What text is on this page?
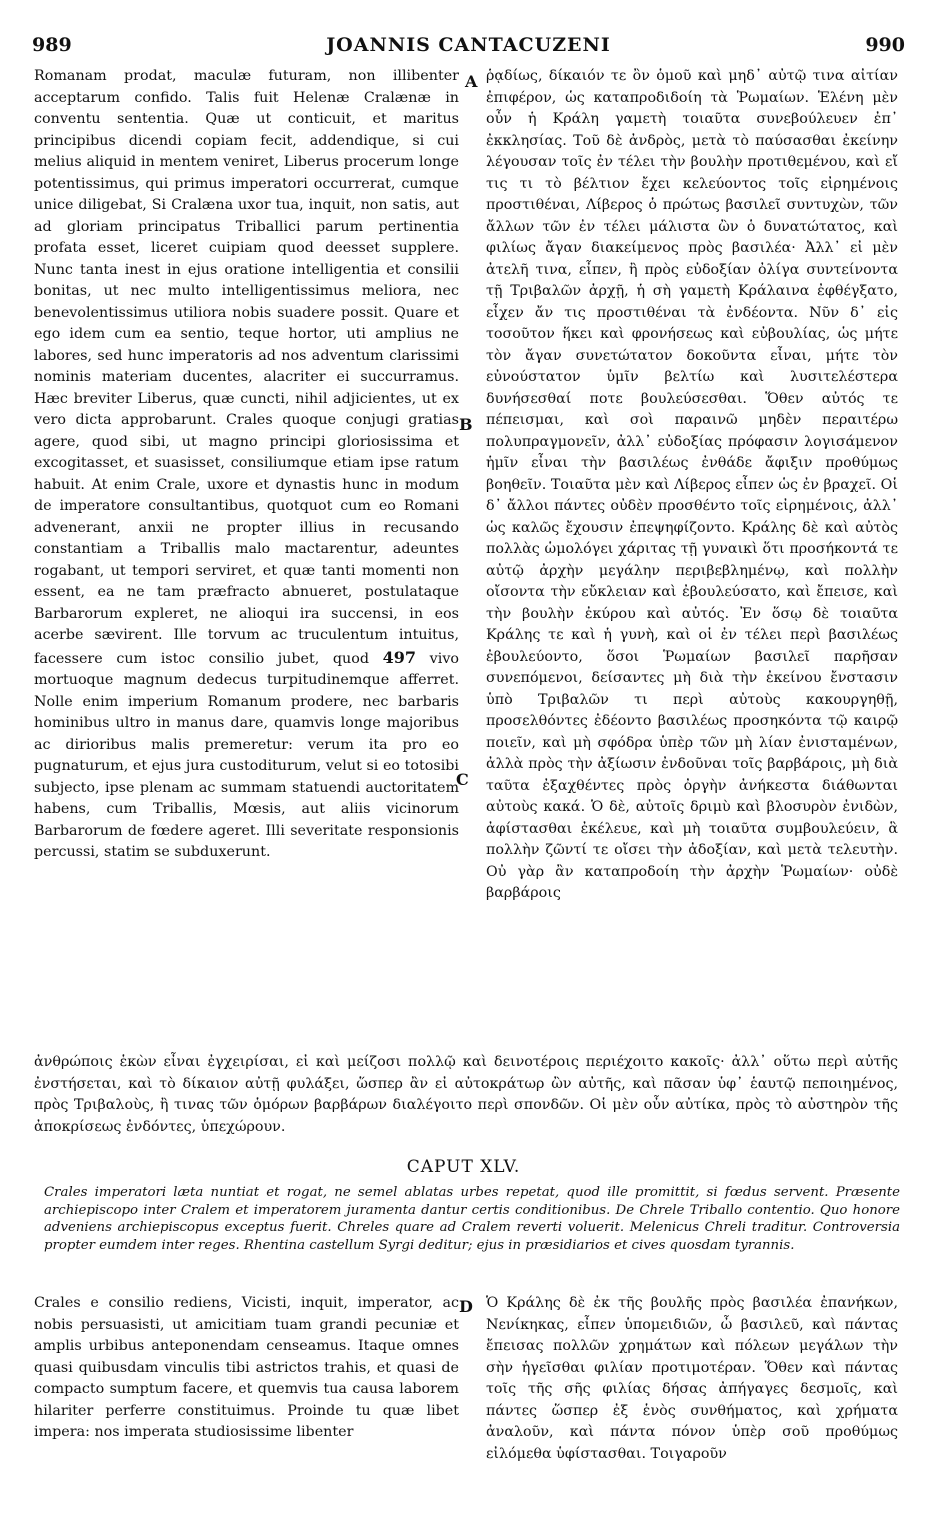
989	JOANNIS CANTACUZENI	990

Romanam prodat, maculæ futuram, non illibenter acceptarum confido. Talis fuit Helenæ Cralænæ in conventu sententia. Quæ ut conticuit, et maritus principibus dicendi copiam fecit, addendique, si cui melius aliquid in mentem veniret, Liberus procerum longe potentissimus, qui primus imperatori occurrerat, cumque unice diligebat, Si Cralæna uxor tua, inquit, non satis, aut ad gloriam principatus Triballici parum pertinentia profata esset, liceret cuipiam quod deesset supplere. Nunc tanta inest in ejus oratione intelligentia et consilii bonitas, ut nec multo intelligentissimus meliora, nec benevolentissimus utiliora nobis suadere possit. Quare et ego idem cum ea sentio, teque hortor, uti amplius ne labores, sed hunc imperatoris ad nos adventum clarissimi nominis materiam ducentes, alacriter ei succurramus. Hæc breviter Liberus, quæ cuncti, nihil adjicientes, ut ex vero dicta approbarunt. Crales quoque conjugi gratias agere, quod sibi, ut magno principi gloriosissima et excogitasset, et suasisset, consiliumque etiam ipse ratum habuit. At enim Crale, uxore et dynastis hunc in modum de imperatore consultantibus, quotquot cum eo Romani advenerant, anxii ne propter illius in recusando constantiam a Triballis malo mactarentur, adeuntes rogabant, ut tempori serviret, et quæ tanti momenti non essent, ea ne tam præfracto abnueret, postulataque Barbarorum expleret, ne alioqui ira succensi, in eos acerbe sævirent. Ille torvum ac truculentum intuitus, facessere cum istoc consilio jubet, quod 497 vivo mortuoque magnum dedecus turpitudinemque afferret. Nolle enim imperium Romanum prodere, nec barbaris hominibus ultro in manus dare, quamvis longe majoribus ac dirioribus malis premeretur: verum ita pro eo pugnaturum, et ejus jura custoditurum, velut si eo totosibi subjecto, ipse plenam ac summam statuendi auctoritatem habens, cum Triballis, Mœsis, aut aliis vicinorum Barbarorum de fœdere ageret. Illi severitate responsionis percussi, statim se subduxerunt.

ῥᾳδίως, δίκαιόν τε ὂν ὁμοῦ καὶ μηδ᾽ αὐτῷ τινα αἰτίαν ἐπιφέρον, ὡς καταπροδιδοίη τὰ Ῥωμαίων. Ἑλένη μὲν οὖν ἡ Κράλη γαμετὴ τοιαῦτα συνεβούλευεν ἐπ᾽ ἐκκλησίας. Τοῦ δὲ ἀνδρὸς, μετὰ τὸ παύσασθαι ἐκείνην λέγουσαν τοῖς ἐν τέλει τὴν βουλὴν προτιθεμένου, καὶ εἴ τις τι τὸ βέλτιον ἔχει κελεύοντος τοῖς εἰρημένοις προστιθέναι, Λίβερος ὁ πρώτως βασιλεῖ συντυχὼν, τῶν ἄλλων τῶν ἐν τέλει μάλιστα ὢν ὁ δυνατώτατος, καὶ φιλίως ἄγαν διακείμενος πρὸς βασιλέα· Ἀλλ᾽ εἰ μὲν ἀτελῆ τινα, εἶπεν, ἢ πρὸς εὐδοξίαν ὀλίγα συντείνοντα τῇ Τριβαλῶν ἀρχῇ, ἡ σὴ γαμετὴ Κράλαινα ἐφθέγξατο, εἶχεν ἄν τις προστιθέναι τὰ ἐνδέοντα. Νῦν δ᾽ εἰς τοσοῦτον ἥκει καὶ φρονήσεως καὶ εὐβουλίας, ὡς μήτε τὸν ἄγαν συνετώτατον δοκοῦντα εἶναι, μήτε τὸν εὐνούστατον ὑμῖν βελτίω καὶ λυσιτελέστερα δυνήσεσθαί ποτε βουλεύσεσθαι. Ὅθεν αὐτός τε πέπεισμαι, καὶ σοὶ παραινῶ μηδὲν περαιτέρω πολυπραγμονεῖν, ἀλλ᾽ εὐδοξίας πρόφασιν λογισάμενον ἡμῖν εἶναι τὴν βασιλέως ἐνθάδε ἄφιξιν προθύμως βοηθεῖν. Τοιαῦτα μὲν καὶ Λίβερος εἶπεν ὡς ἐν βραχεῖ. Οἱ δ᾽ ἄλλοι πάντες οὐδὲν προσθέντο τοῖς εἰρημένοις, ἀλλ᾽ ὡς καλῶς ἔχουσιν ἐπεψηφίζοντο. Κράλης δὲ καὶ αὐτὸς πολλὰς ὡμολόγει χάριτας τῇ γυναικὶ ὅτι προσήκοντά τε αὐτῷ ἀρχὴν μεγάλην περιβεβλημένῳ, καὶ πολλὴν οἴσοντα τὴν εὔκλειαν καὶ ἐβουλεύσατο, καὶ ἔπεισε, καὶ τὴν βουλὴν ἐκύρου καὶ αὐτός. Ἐν ὅσῳ δὲ τοιαῦτα Κράλης τε καὶ ἡ γυνὴ, καὶ οἱ ἐν τέλει περὶ βασιλέως ἐβουλεύοντο, ὅσοι Ῥωμαίων βασιλεῖ παρῆσαν συνεπόμενοι, δείσαντες μὴ διὰ τὴν ἐκείνου ἔνστασιν ὑπὸ Τριβαλῶν τι περὶ αὐτοὺς κακουργηθῇ, προσελθόντες ἐδέοντο βασιλέως προσηκόντα τῷ καιρῷ ποιεῖν, καὶ μὴ σφόδρα ὑπὲρ τῶν μὴ λίαν ἐνισταμένων, ἀλλὰ πρὸς τὴν ἀξίωσιν ἐνδοῦναι τοῖς βαρβάροις, μὴ διὰ ταῦτα ἐξαχθέντες πρὸς ὀργὴν ἀνήκεστα διάθωνται αὐτοὺς κακά. Ὁ δὲ, αὐτοῖς δριμὺ καὶ βλοσυρὸν ἐνιδὼν, ἀφίστασθαι ἐκέλευε, καὶ μὴ τοιαῦτα συμβουλεύειν, ἃ πολλὴν ζῶντί τε οἴσει τὴν ἀδοξίαν, καὶ μετὰ τελευτὴν. Οὐ γὰρ ἂν καταπροδοίη τὴν ἀρχὴν Ῥωμαίων· οὐδὲ βαρβάροις

A
B
C
ἀνθρώποις ἑκὼν εἶναι ἐγχειρίσαι, εἰ καὶ μείζοσι πολλῷ καὶ δεινοτέροις περιέχοιτο κακοῖς· ἀλλ᾽ οὕτω περὶ αὐτῆς ἐνστήσεται, καὶ τὸ δίκαιον αὐτῇ φυλάξει, ὥσπερ ἂν εἰ αὐτοκράτωρ ὢν αὐτῆς, καὶ πᾶσαν ὑφ᾽ ἑαυτῷ πεποιημένος, πρὸς Τριβαλοὺς, ἢ τινας τῶν ὁμόρων βαρβάρων διαλέγοιτο περὶ σπονδῶν. Οἱ μὲν οὖν αὐτίκα, πρὸς τὸ αὐστηρὸν τῆς ἀποκρίσεως ἐνδόντες, ὑπεχώρουν.
CAPUT XLV.
Crales imperatori læta nuntiat et rogat, ne semel ablatas urbes repetat, quod ille promittit, si fœdus servent. Præsente archiepiscopo inter Cralem et imperatorem juramenta dantur certis conditionibus. De Chrele Triballo contentio. Quo honore adveniens archiepiscopus exceptus fuerit. Chreles quare ad Cralem reverti voluerit. Melenicus Chreli traditur. Controversia propter eumdem inter reges. Rhentina castellum Syrgi deditur; ejus in præsidiarios et cives quosdam tyrannis.

Crales e consilio rediens, Vicisti, inquit, imperator, ac nobis persuasisti, ut amicitiam tuam grandi pecuniæ et amplis urbibus anteponendam censeamus. Itaque omnes quasi quibusdam vinculis tibi astrictos trahis, et quasi de compacto sumptum facere, et quemvis tua causa laborem hilariter perferre constituimus. Proinde tu quæ libet impera: nos imperata studiosissime libenter

D Ὁ Κράλης δὲ ἐκ τῆς βουλῆς πρὸς βασιλέα ἐπανήκων, Νενίκηκας, εἶπεν ὑπομειδιῶν, ὦ βασιλεῦ, καὶ πάντας ἔπεισας πολλῶν χρημάτων καὶ πόλεων μεγάλων τὴν σὴν ἡγεῖσθαι φιλίαν προτιμοτέραν. Ὅθεν καὶ πάντας τοῖς τῆς σῆς φιλίας δήσας ἀπήγαγες δεσμοῖς, καὶ πάντες ὥσπερ ἐξ ἑνὸς συνθήματος, καὶ χρήματα ἀναλοῦν, καὶ πάντα πόνον ὑπὲρ σοῦ προθύμως εἰλόμεθα ὑφίστασθαι. Τοιγαροῦν
